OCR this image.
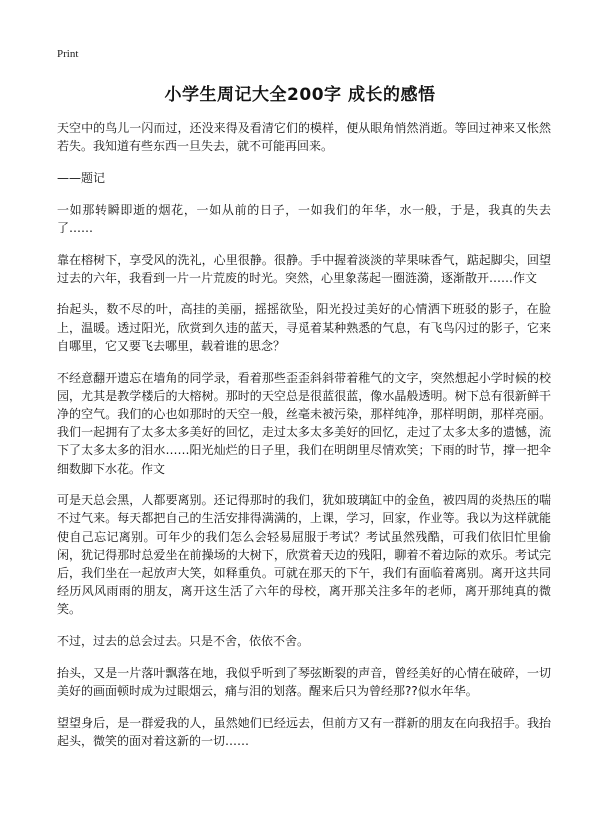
Print
小学生周记大全200字 成长的感悟

天空中的鸟儿一闪而过，还没来得及看清它们的模样，便从眼角悄然消逝。等回过神来又怅然若失。我知道有些东西一旦失去，就不可能再回来。

——题记

一如那转瞬即逝的烟花，一如从前的日子，一如我们的年华，水一般，于是，我真的失去了……

靠在榕树下，享受风的洗礼，心里很静。很静。手中握着淡淡的苹果味香气，踮起脚尖，回望过去的六年，我看到一片一片荒废的时光。突然，心里象荡起一圈涟漪，逐渐散开……作文

抬起头，数不尽的叶，高挂的美丽，摇摇欲坠，阳光投过美好的心情洒下班驳的影子，在脸上，温暖。透过阳光，欣赏到久违的蓝天，寻觅着某种熟悉的气息，有飞鸟闪过的影子，它来自哪里，它又要飞去哪里，载着谁的思念？

不经意翻开遗忘在墙角的同学录，看着那些歪歪斜斜带着稚气的文字，突然想起小学时候的校园，尤其是教学楼后的大榕树。那时的天空总是很蓝很蓝，像水晶般透明。树下总有很新鲜干净的空气。我们的心也如那时的天空一般，丝毫未被污染，那样纯净，那样明朗，那样亮丽。我们一起拥有了太多太多美好的回忆，走过太多太多美好的回忆，走过了太多太多的遗憾，流下了太多太多的泪水……阳光灿烂的日子里，我们在明朗里尽情欢笑；下雨的时节，撑一把伞细数脚下水花。作文

可是天总会黑，人都要离别。还记得那时的我们，犹如玻璃缸中的金鱼，被四周的炎热压的喘不过气来。每天都把自己的生活安排得满满的，上课，学习，回家，作业等。我以为这样就能使自己忘记离别。可年少的我们怎么会轻易屈服于考试？考试虽然残酷，可我们依旧忙里偷闲，犹记得那时总爱坐在前操场的大树下，欣赏着天边的残阳，聊着不着边际的欢乐。考试完后，我们坐在一起放声大笑，如释重负。可就在那天的下午，我们有面临着离别。离开这共同经历风风雨雨的朋友，离开这生活了六年的母校，离开那关注多年的老师，离开那纯真的微笑。

不过，过去的总会过去。只是不舍，依依不舍。

抬头，又是一片落叶飘落在地，我似乎听到了琴弦断裂的声音，曾经美好的心情在破碎，一切美好的画面顿时成为过眼烟云，痛与泪的划落。醒来后只为曾经那??似水年华。

望望身后，是一群爱我的人，虽然她们已经远去，但前方又有一群新的朋友在向我招手。我抬起头，微笑的面对着这新的一切……
